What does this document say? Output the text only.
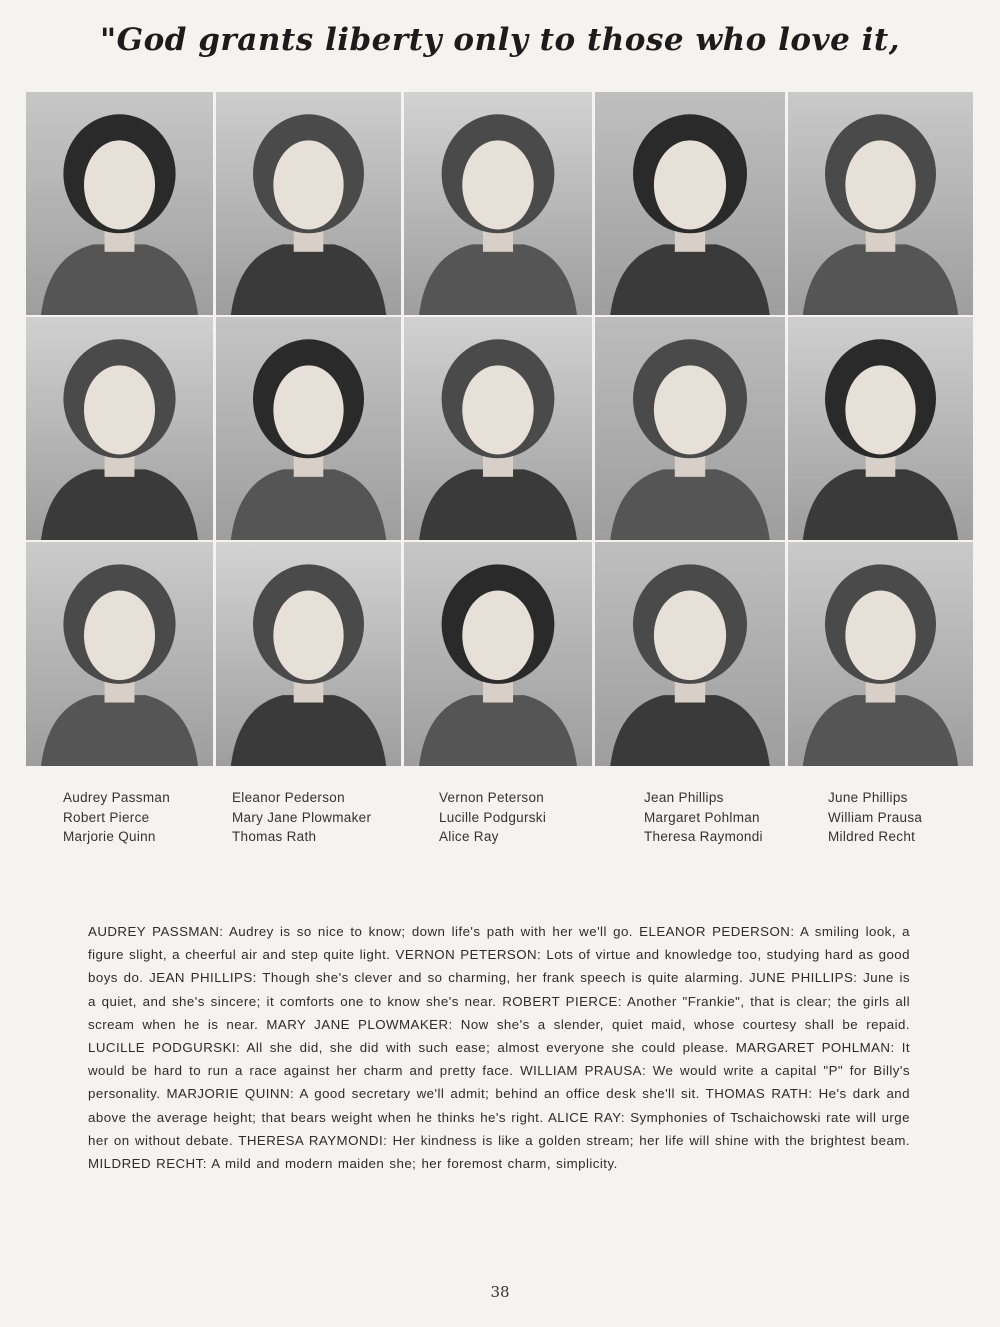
"God grants liberty only to those who love it,
Audrey Passman
Robert Pierce
Marjorie Quinn
Eleanor Pederson
Mary Jane Plowmaker
Thomas Rath
Vernon Peterson
Lucille Podgurski
Alice Ray
Jean Phillips
Margaret Pohlman
Theresa Raymondi
June Phillips
William Prausa
Mildred Recht
AUDREY PASSMAN: Audrey is so nice to know; down life's path with her we'll go. ELEANOR PEDERSON: A smiling look, a figure slight, a cheerful air and step quite light. VERNON PETERSON: Lots of virtue and knowledge too, studying hard as good boys do. JEAN PHILLIPS: Though she's clever and so charming, her frank speech is quite alarming. JUNE PHILLIPS: June is a quiet, and she's sincere; it comforts one to know she's near. ROBERT PIERCE: Another "Frankie", that is clear; the girls all scream when he is near. MARY JANE PLOWMAKER: Now she's a slender, quiet maid, whose courtesy shall be repaid. LUCILLE PODGURSKI: All she did, she did with such ease; almost everyone she could please. MARGARET POHLMAN: It would be hard to run a race against her charm and pretty face. WILLIAM PRAUSA: We would write a capital "P" for Billy's personality. MARJORIE QUINN: A good secretary we'll admit; behind an office desk she'll sit. THOMAS RATH: He's dark and above the average height; that bears weight when he thinks he's right. ALICE RAY: Symphonies of Tschaichowski rate will urge her on without debate. THERESA RAYMONDI: Her kindness is like a golden stream; her life will shine with the brightest beam. MILDRED RECHT: A mild and modern maiden she; her foremost charm, simplicity.
38
